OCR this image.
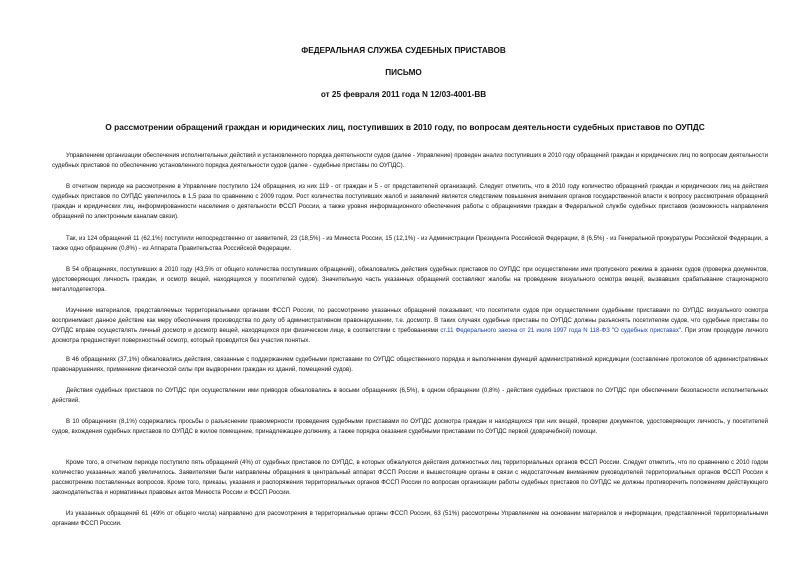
ФЕДЕРАЛЬНАЯ СЛУЖБА СУДЕБНЫХ ПРИСТАВОВ
ПИСЬМО
от 25 февраля 2011 года N 12/03-4001-ВВ
О рассмотрении обращений граждан и юридических лиц, поступивших в 2010 году, по вопросам деятельности судебных приставов по ОУПДС
Управлением организации обеспечения исполнительных действий и установленного порядка деятельности судов (далее - Управление) проведен анализ поступивших в 2010 году обращений граждан и юридических лиц по вопросам деятельности судебных приставов по обеспечению установленного порядка деятельности судов (далее - судебные приставы по ОУПДС).
В отчетном периоде на рассмотрение в Управление поступило 124 обращения, из них 119 - от граждан и 5 - от представителей организаций. Следует отметить, что в 2010 году количество обращений граждан и юридических лиц на действия судебных приставов по ОУПДС увеличилось в 1,5 раза по сравнению с 2009 годом. Рост количества поступивших жалоб и заявлений является следствием повышения внимания органов государственной власти к вопросу рассмотрения обращений граждан и юридических лиц, информированности населения о деятельности ФССП России, а также уровня информационного обеспечения работы с обращениями граждан в Федеральной службе судебных приставов (возможность направления обращений по электронным каналам связи).
Так, из 124 обращений 11 (62,1%) поступили непосредственно от заявителей, 23 (18,5%) - из Минюста России, 15 (12,1%) - из Администрации Президента Российской Федерации, 8 (6,5%) - из Генеральной прокуратуры Российской Федерации, а также одно обращение (0,8%) - из Аппарата Правительства Российской Федерации.
В 54 обращениях, поступивших в 2010 году (43,5% от общего количества поступивших обращений), обжаловались действия судебных приставов по ОУПДС при осуществлении ими пропускного режима в зданиях судов (проверка документов, удостоверяющих личность граждан, и осмотр вещей, находящихся у посетителей судов). Значительную часть указанных обращений составляют жалобы на проведение визуального осмотра вещей, вызвавших срабатывание стационарного металлодетектора.
Изучение материалов, представляемых территориальными органами ФССП России, по рассмотрению указанных обращений показывает, что посетители судов при осуществлении судебными приставами по ОУПДС визуального осмотра воспринимают данное действие как меру обеспечения производства по делу об административном правонарушении, т.е. досмотр. В таких случаях судебные приставы по ОУПДС должны разъяснять посетителям судов, что судебные приставы по ОУПДС вправе осуществлять личный досмотр и досмотр вещей, находящихся при физическом лице, в соответствии с требованиями ст.11 Федерального закона от 21 июля 1997 года N 118-ФЗ "О судебных приставах". При этом процедуре личного досмотра предшествует поверхностный осмотр, который проводится без участия понятых.
В 46 обращениях (37,1%) обжаловались действия, связанные с поддержанием судебными приставами по ОУПДС общественного порядка и выполнением функций административной юрисдикции (составление протоколов об административных правонарушениях, применение физической силы при выдворении граждан из зданий, помещений судов).
Действия судебных приставов по ОУПДС при осуществлении ими приводов обжаловались в восьми обращениях (6,5%), в одном обращении (0,8%) - действия судебных приставов по ОУПДС при обеспечении безопасности исполнительных действий.
В 10 обращениях (8,1%) содержались просьбы о разъяснении правомерности проведения судебными приставами по ОУПДС досмотра граждан и находящихся при них вещей, проверки документов, удостоверяющих личность, у посетителей судов, вхождения судебных приставов по ОУПДС в жилое помещение, принадлежащее должнику, а также порядка оказания судебными приставами по ОУПДС первой (доврачебной) помощи.
Кроме того, в отчетном периоде поступило пять обращений (4%) от судебных приставов по ОУПДС, в которых обжалуются действия должностных лиц территориальных органов ФССП России. Следует отметить, что по сравнению с 2010 годом количество указанных жалоб увеличилось. Заявителями были направлены обращения в центральный аппарат ФССП России и вышестоящие органы в связи с недостаточным вниманием руководителей территориальных органов ФССП России к рассмотрению поставленных вопросов. Кроме того, приказы, указания и распоряжения территориальных органов ФССП России по вопросам организации работы судебных приставов по ОУПДС не должны противоречить положениям действующего законодательства и нормативных правовых актов Минюста России и ФССП России.
Из указанных обращений 61 (49% от общего числа) направлено для рассмотрения в территориальные органы ФССП России, 63 (51%) рассмотрены Управлением на основании материалов и информации, представленной территориальными органами ФССП России.
